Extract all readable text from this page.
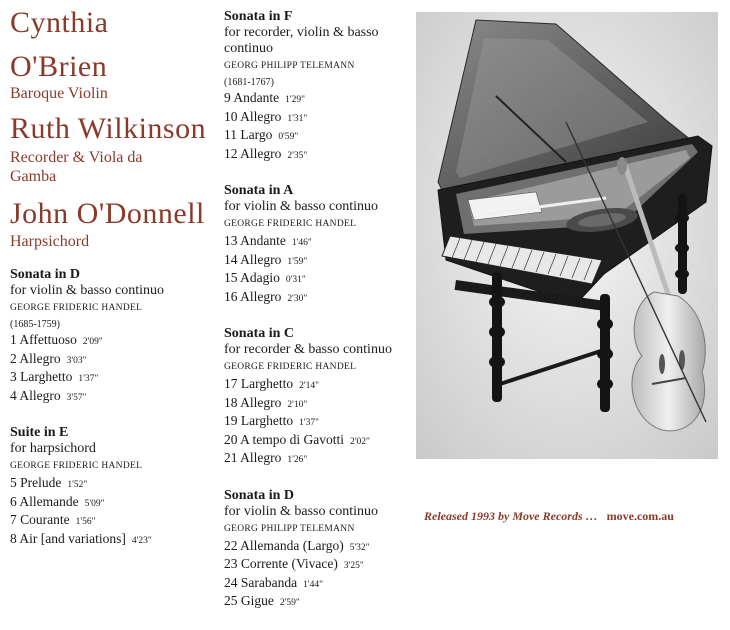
Cynthia
O'Brien
Baroque Violin
Ruth Wilkinson
Recorder & Viola da
Gamba
John O'Donnell
Harpsichord
Sonata in D
for violin & basso continuo
GEORGE FRIDERIC HANDEL
(1685-1759)
1 Affettuoso 2'09"
2 Allegro 3'03"
3 Larghetto 1'37"
4 Allegro 3'57"
Suite in E
for harpsichord
GEORGE FRIDERIC HANDEL
5 Prelude 1'52"
6 Allemande 5'09"
7 Courante 1'56"
8 Air [and variations] 4'23"
Sonata in F
for recorder, violin & basso
continuo
GEORG PHILIPP TELEMANN
(1681-1767)
9 Andante 1'29"
10 Allegro 1'31"
11 Largo 0'59"
12 Allegro 2'35"
Sonata in A
for violin & basso continuo
GEORGE FRIDERIC HANDEL
13 Andante 1'46"
14 Allegro 1'59"
15 Adagio 0'31"
16 Allegro 2'30"
Sonata in C
for recorder & basso continuo
GEORGE FRIDERIC HANDEL
17 Larghetto 2'14"
18 Allegro 2'10"
19 Larghetto 1'37"
20 A tempo di Gavotti 2'02"
21 Allegro 1'26"
Sonata in D
for violin & basso continuo
GEORG PHILIPP TELEMANN
22 Allemanda (Largo) 5'32"
23 Corrente (Vivace) 3'25"
24 Sarabanda 1'44"
25 Gigue 2'59"
Released 1993 by Move Records … move.com.au
